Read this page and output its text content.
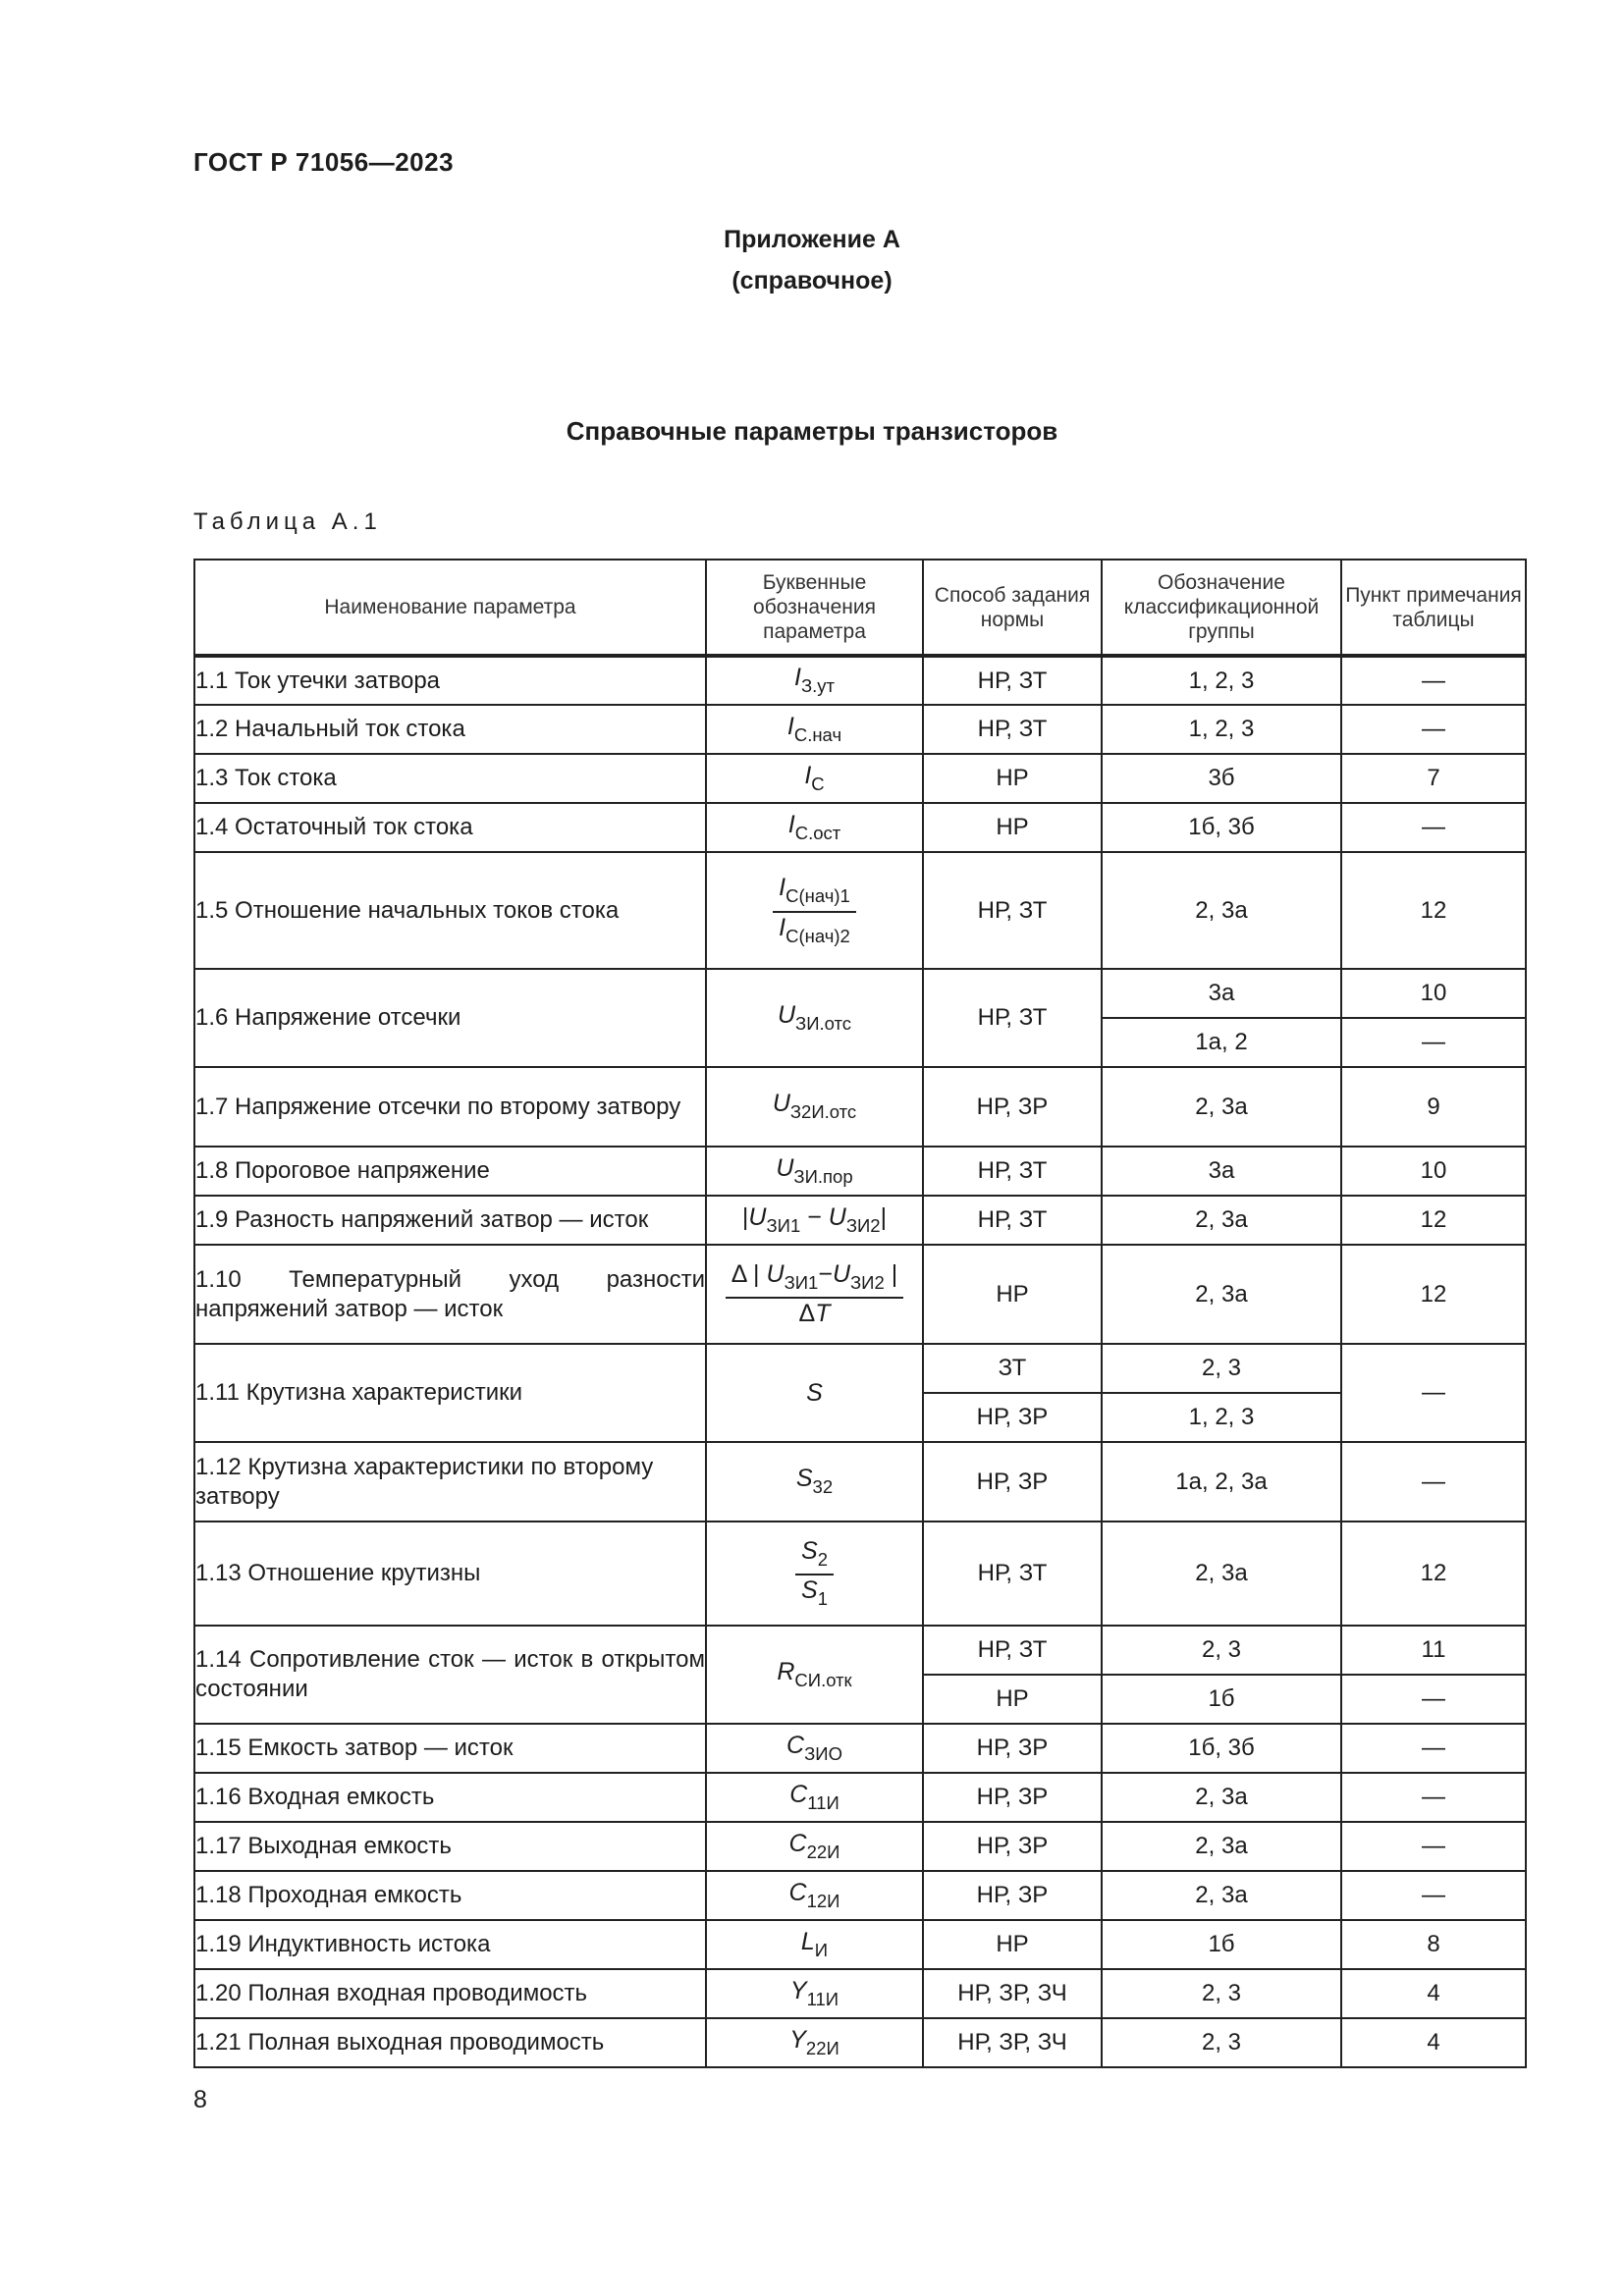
ГОСТ Р 71056—2023
Приложение А
(справочное)
Справочные параметры транзисторов
Таблица А.1
Наименование параметра	Буквенные обозначения параметра	Способ задания нормы	Обозначение классификационной группы	Пункт примечания таблицы
1.1 Ток утечки затвора	$I_{З.ут}$	НР, ЗТ	1, 2, 3	—
1.2 Начальный ток стока	$I_{С.нач}$	НР, ЗТ	1, 2, 3	—
1.3 Ток стока	$I_С$	НР	3б	7
1.4 Остаточный ток стока	$I_{С.ост}$	НР	1б, 3б	—
1.5 Отношение начальных токов стока	$\frac{I_{С(нач)1}}{I_{С(нач)2}}$	НР, ЗТ	2, 3а	12
1.6 Напряжение отсечки	$U_{ЗИ.отс}$	НР, ЗТ	3а	10
			1а, 2	—
1.7 Напряжение отсечки по второму затвору	$U_{З2И.отс}$	НР, ЗР	2, 3а	9
1.8 Пороговое напряжение	$U_{ЗИ.пор}$	НР, ЗТ	3а	10
1.9 Разность напряжений затвор — исток	$|U_{ЗИ1} - U_{ЗИ2}|$	НР, ЗТ	2, 3а	12
1.10 Температурный уход разности напряжений затвор — исток	$\frac{\Delta | U_{ЗИ1}-U_{ЗИ2} |}{\Delta T}$	НР	2, 3а	12
1.11 Крутизна характеристики	S	ЗТ	2, 3	—
		НР, ЗР	1, 2, 3	
1.12 Крутизна характеристики по второму затвору	$S_{32}$	НР, ЗР	1а, 2, 3а	—
1.13 Отношение крутизны	$\frac{S_2}{S_1}$	НР, ЗТ	2, 3а	12
1.14 Сопротивление сток — исток в открытом состоянии	$R_{СИ.отк}$	НР, ЗТ	2, 3	11
		НР	1б	—
1.15 Емкость затвор — исток	$C_{ЗИО}$	НР, ЗР	1б, 3б	—
1.16 Входная емкость	$C_{11И}$	НР, ЗР	2, 3а	—
1.17 Выходная емкость	$C_{22И}$	НР, ЗР	2, 3а	—
1.18 Проходная емкость	$C_{12И}$	НР, ЗР	2, 3а	—
1.19 Индуктивность истока	$L_И$	НР	1б	8
1.20 Полная входная проводимость	$Y_{11И}$	НР, ЗР, ЗЧ	2, 3	4
1.21 Полная выходная проводимость	$Y_{22И}$	НР, ЗР, ЗЧ	2, 3	4
8
